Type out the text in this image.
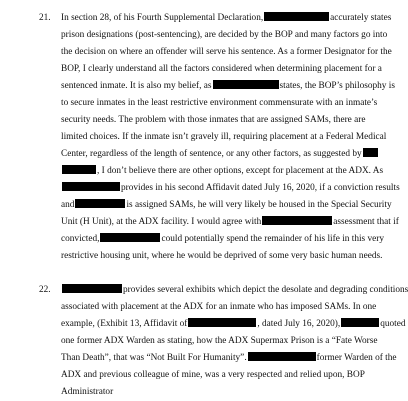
21. In section 28, of his Fourth Supplemental Declaration,	accurately states
prison designations (post-sentencing), are decided by the BOP and many factors go into
the decision on where an offender will serve his sentence. As a former Designator for the
BOP, I clearly understand all the factors considered when determining placement for a
sentenced inmate. It is also my belief, as	states, the BOP’s philosophy is
to secure inmates in the least restrictive environment commensurate with an inmate’s
security needs. The problem with those inmates that are assigned SAMs, there are
limited choices. If the inmate isn’t gravely ill, requiring placement at a Federal Medical
Center, regardless of the length of sentence, or any other factors, as suggested by
, I don’t believe there are other options, except for placement at the ADX. As
provides in his second Affidavit dated July 16, 2020, if a conviction results
and	is assigned SAMs, he will very likely be housed in the Special Security
Unit (H Unit), at the ADX facility. I would agree with	assessment that if
convicted,	could potentially spend the remainder of his life in this very
restrictive housing unit, where he would be deprived of some very basic human needs.
22.	provides several exhibits which depict the desolate and degrading conditions
associated with placement at the ADX for an inmate who has imposed SAMs. In one
example, (Exhibit 13, Affidavit of	, dated July 16, 2020),	quoted
one former ADX Warden as stating, how the ADX Supermax Prison is a “Fate Worse
Than Death”, that was “Not Built For Humanity”.	former Warden of the
ADX and previous colleague of mine, was a very respected and relied upon, BOP
Administrator
